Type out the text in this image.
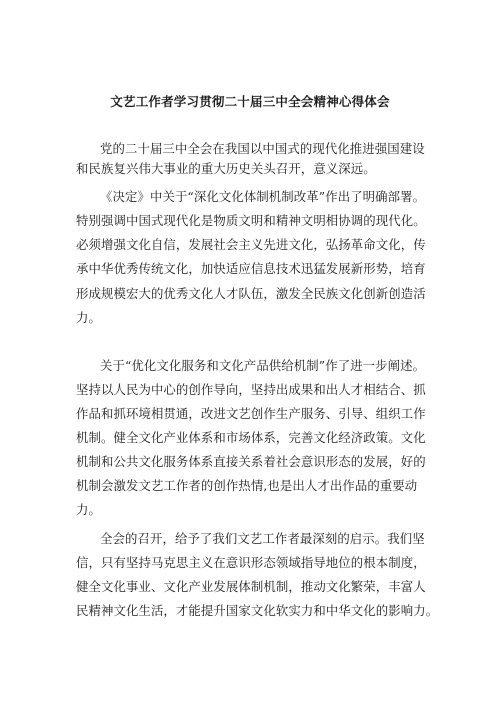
文艺工作者学习贯彻二十届三中全会精神心得体会
党的二十届三中全会在我国以中国式的现代化推进强国建设
和民族复兴伟大事业的重大历史关头召开，意义深远。
《决定》中关于“深化文化体制机制改革”作出了明确部署。
特别强调中国式现代化是物质文明和精神文明相协调的现代化。
必须增强文化自信，发展社会主义先进文化，弘扬革命文化，传
承中华优秀传统文化，加快适应信息技术迅猛发展新形势，培育
形成规模宏大的优秀文化人才队伍，激发全民族文化创新创造活
力。
关于“优化文化服务和文化产品供给机制”作了进一步阐述。
坚持以人民为中心的创作导向，坚持出成果和出人才相结合、抓
作品和抓环境相贯通，改进文艺创作生产服务、引导、组织工作
机制。健全文化产业体系和市场体系，完善文化经济政策。文化
机制和公共文化服务体系直接关系着社会意识形态的发展，好的
机制会激发文艺工作者的创作热情,也是出人才出作品的重要动
力。
全会的召开，给予了我们文艺工作者最深刻的启示。我们坚
信，只有坚持马克思主义在意识形态领域指导地位的根本制度，
健全文化事业、文化产业发展体制机制，推动文化繁荣，丰富人
民精神文化生活，才能提升国家文化软实力和中华文化的影响力。
